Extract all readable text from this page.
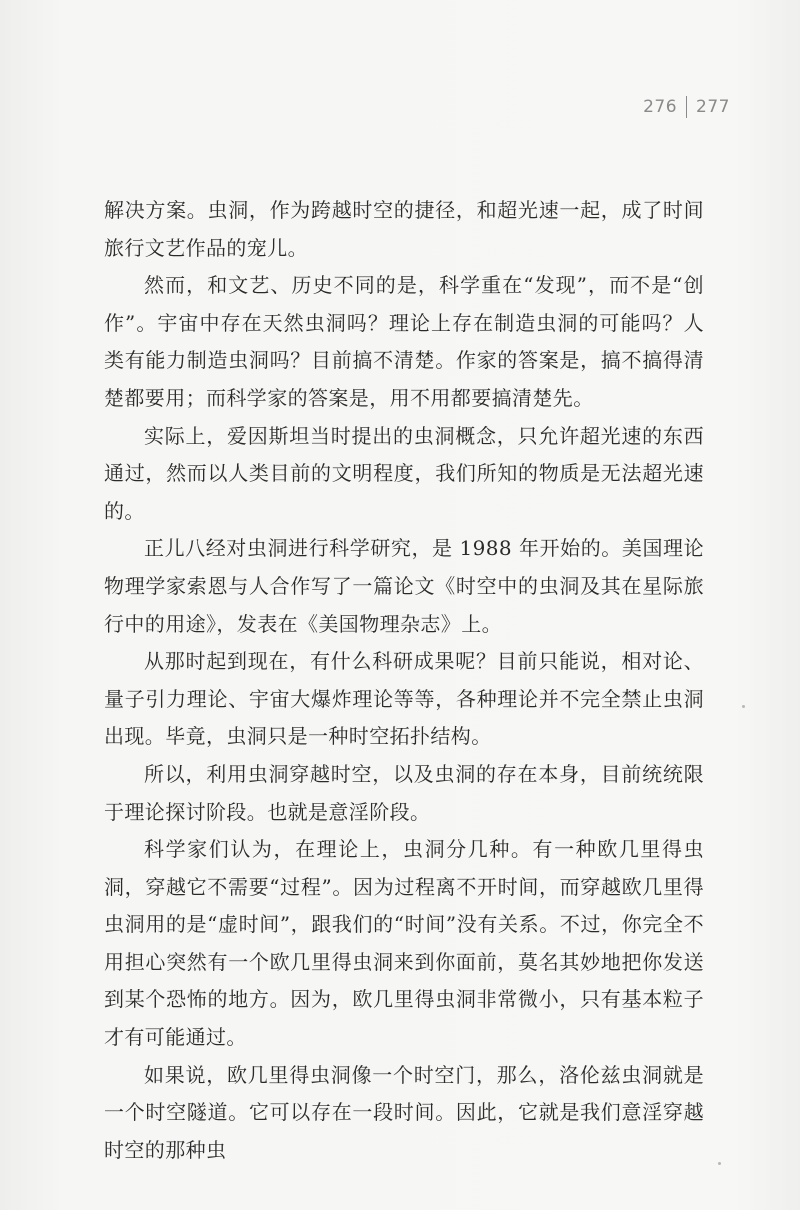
276 277

解决方案。虫洞，作为跨越时空的捷径，和超光速一起，成了时间旅行文艺作品的宠儿。

然而，和文艺、历史不同的是，科学重在“发现”，而不是“创作”。宇宙中存在天然虫洞吗？理论上存在制造虫洞的可能吗？人类有能力制造虫洞吗？目前搞不清楚。作家的答案是，搞不搞得清楚都要用；而科学家的答案是，用不用都要搞清楚先。

实际上，爱因斯坦当时提出的虫洞概念，只允许超光速的东西通过，然而以人类目前的文明程度，我们所知的物质是无法超光速的。

正儿八经对虫洞进行科学研究，是 1988 年开始的。美国理论物理学家索恩与人合作写了一篇论文《时空中的虫洞及其在星际旅行中的用途》，发表在《美国物理杂志》上。

从那时起到现在，有什么科研成果呢？目前只能说，相对论、量子引力理论、宇宙大爆炸理论等等，各种理论并不完全禁止虫洞出现。毕竟，虫洞只是一种时空拓扑结构。

所以，利用虫洞穿越时空，以及虫洞的存在本身，目前统统限于理论探讨阶段。也就是意淫阶段。

科学家们认为，在理论上，虫洞分几种。有一种欧几里得虫洞，穿越它不需要“过程”。因为过程离不开时间，而穿越欧几里得虫洞用的是“虚时间”，跟我们的“时间”没有关系。不过，你完全不用担心突然有一个欧几里得虫洞来到你面前，莫名其妙地把你发送到某个恐怖的地方。因为，欧几里得虫洞非常微小，只有基本粒子才有可能通过。

如果说，欧几里得虫洞像一个时空门，那么，洛伦兹虫洞就是一个时空隧道。它可以存在一段时间。因此，它就是我们意淫穿越时空的那种虫
